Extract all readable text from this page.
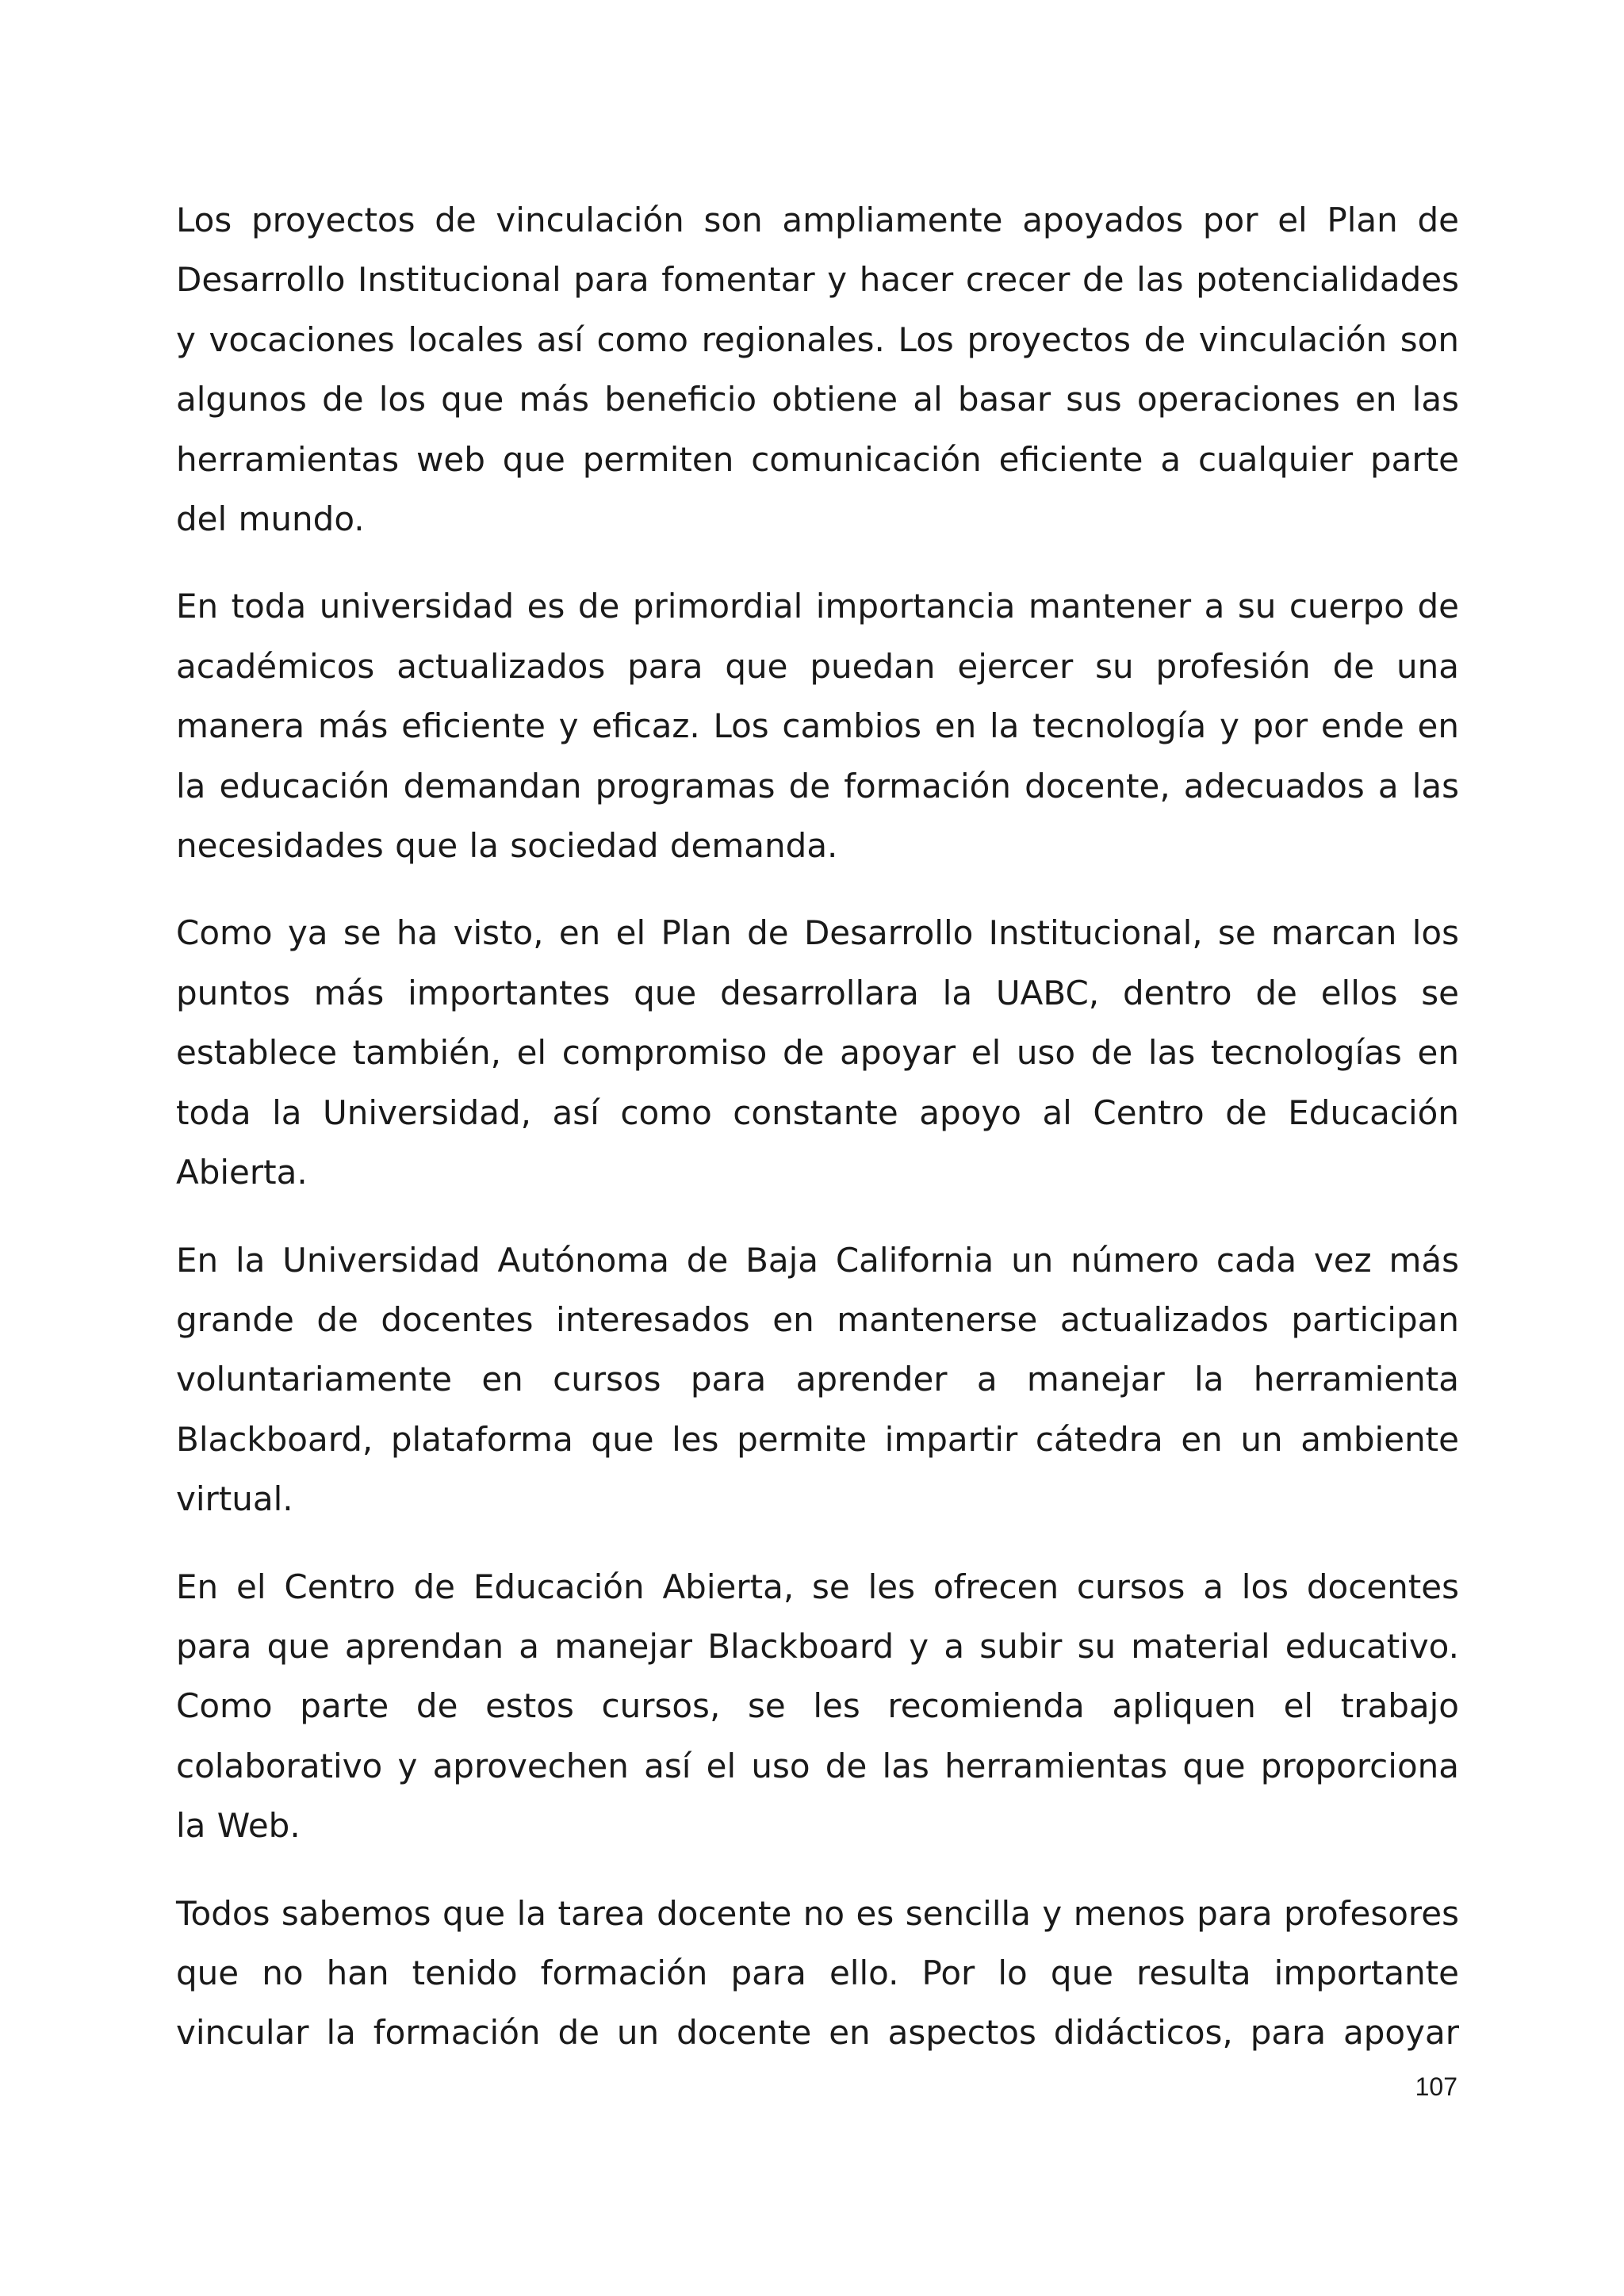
Los proyectos de vinculación son ampliamente apoyados por el Plan de Desarrollo Institucional para fomentar y hacer crecer de las potencialidades y vocaciones locales así como regionales. Los proyectos de vinculación son algunos de los que más beneficio obtiene al basar sus operaciones en las herramientas web que permiten comunicación eficiente a cualquier parte del mundo.

En toda universidad es de primordial importancia mantener a su cuerpo de académicos actualizados para que puedan ejercer su profesión de una manera más eficiente y eficaz. Los cambios en la tecnología y por ende en la educación demandan programas de formación docente, adecuados a las necesidades que la sociedad demanda.

Como ya se ha visto, en el Plan de Desarrollo Institucional, se marcan los puntos más importantes que desarrollara la UABC, dentro de ellos se establece también, el compromiso de apoyar el uso de las tecnologías en toda la Universidad, así como constante apoyo al Centro de Educación Abierta.

En la Universidad Autónoma de Baja California un número cada vez más grande de docentes interesados en mantenerse actualizados participan voluntariamente en cursos para aprender a manejar la herramienta Blackboard, plataforma que les permite impartir cátedra en un ambiente virtual.

En el Centro de Educación Abierta, se les ofrecen cursos a los docentes para que aprendan a manejar Blackboard y a subir su material educativo. Como parte de estos cursos, se les recomienda apliquen el trabajo colaborativo y aprovechen así el uso de las herramientas que proporciona la Web.

Todos sabemos que la tarea docente no es sencilla y menos para profesores que no han tenido formación para ello. Por lo que resulta importante vincular la formación de un docente en aspectos didácticos, para apoyar

107
